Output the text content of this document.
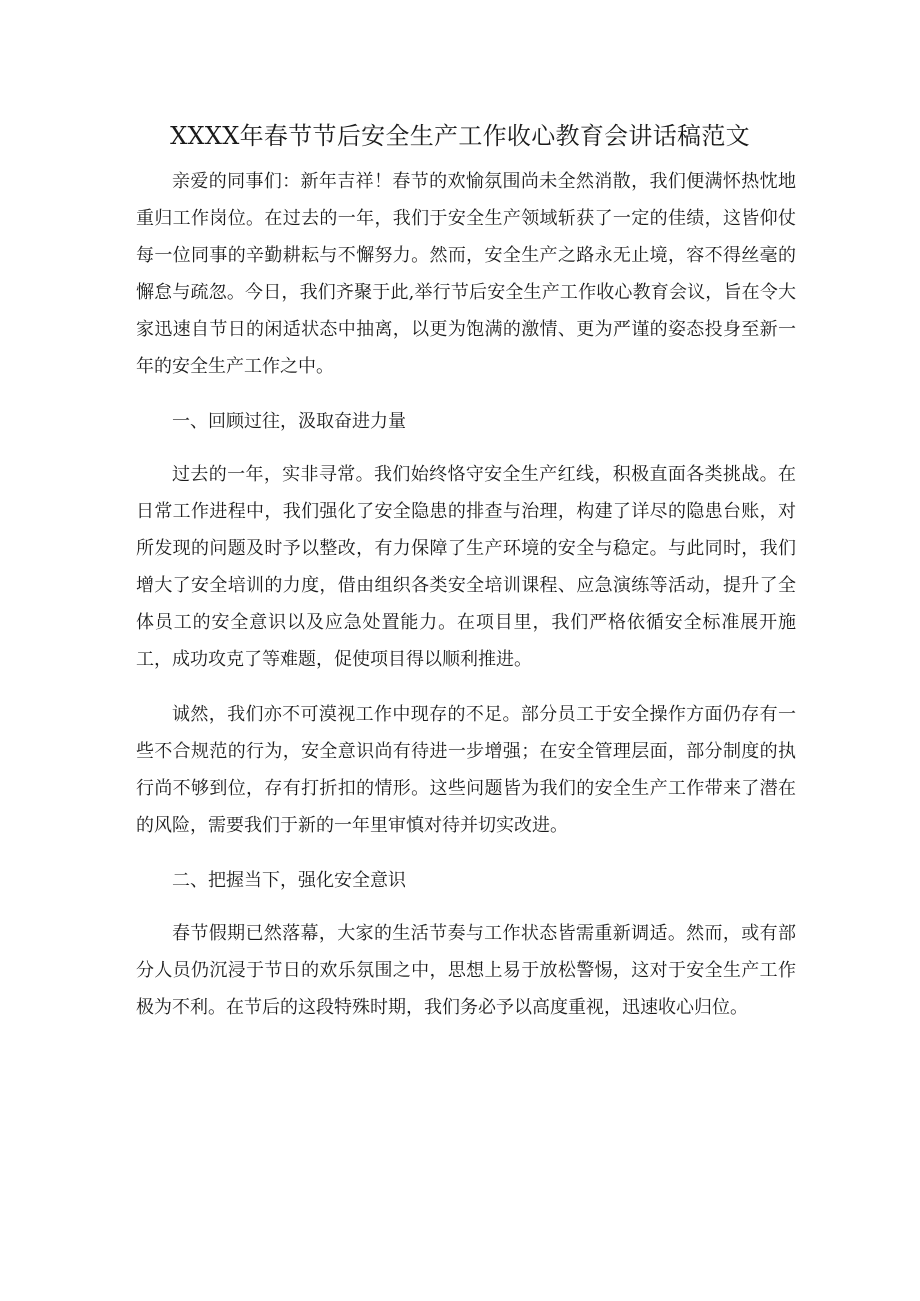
XXXX年春节节后安全生产工作收心教育会讲话稿范文

亲爱的同事们：新年吉祥！春节的欢愉氛围尚未全然消散，我们便满怀热忱地重归工作岗位。在过去的一年，我们于安全生产领域斩获了一定的佳绩，这皆仰仗每一位同事的辛勤耕耘与不懈努力。然而，安全生产之路永无止境，容不得丝毫的懈怠与疏忽。今日，我们齐聚于此,举行节后安全生产工作收心教育会议，旨在令大家迅速自节日的闲适状态中抽离，以更为饱满的激情、更为严谨的姿态投身至新一年的安全生产工作之中。

一、回顾过往，汲取奋进力量

过去的一年，实非寻常。我们始终恪守安全生产红线，积极直面各类挑战。在日常工作进程中，我们强化了安全隐患的排查与治理，构建了详尽的隐患台账，对所发现的问题及时予以整改，有力保障了生产环境的安全与稳定。与此同时，我们增大了安全培训的力度，借由组织各类安全培训课程、应急演练等活动，提升了全体员工的安全意识以及应急处置能力。在项目里，我们严格依循安全标准展开施工，成功攻克了等难题，促使项目得以顺利推进。

诚然，我们亦不可漠视工作中现存的不足。部分员工于安全操作方面仍存有一些不合规范的行为，安全意识尚有待进一步增强；在安全管理层面，部分制度的执行尚不够到位，存有打折扣的情形。这些问题皆为我们的安全生产工作带来了潜在的风险，需要我们于新的一年里审慎对待并切实改进。

二、把握当下，强化安全意识

春节假期已然落幕，大家的生活节奏与工作状态皆需重新调适。然而，或有部分人员仍沉浸于节日的欢乐氛围之中，思想上易于放松警惕，这对于安全生产工作极为不利。在节后的这段特殊时期，我们务必予以高度重视，迅速收心归位。
